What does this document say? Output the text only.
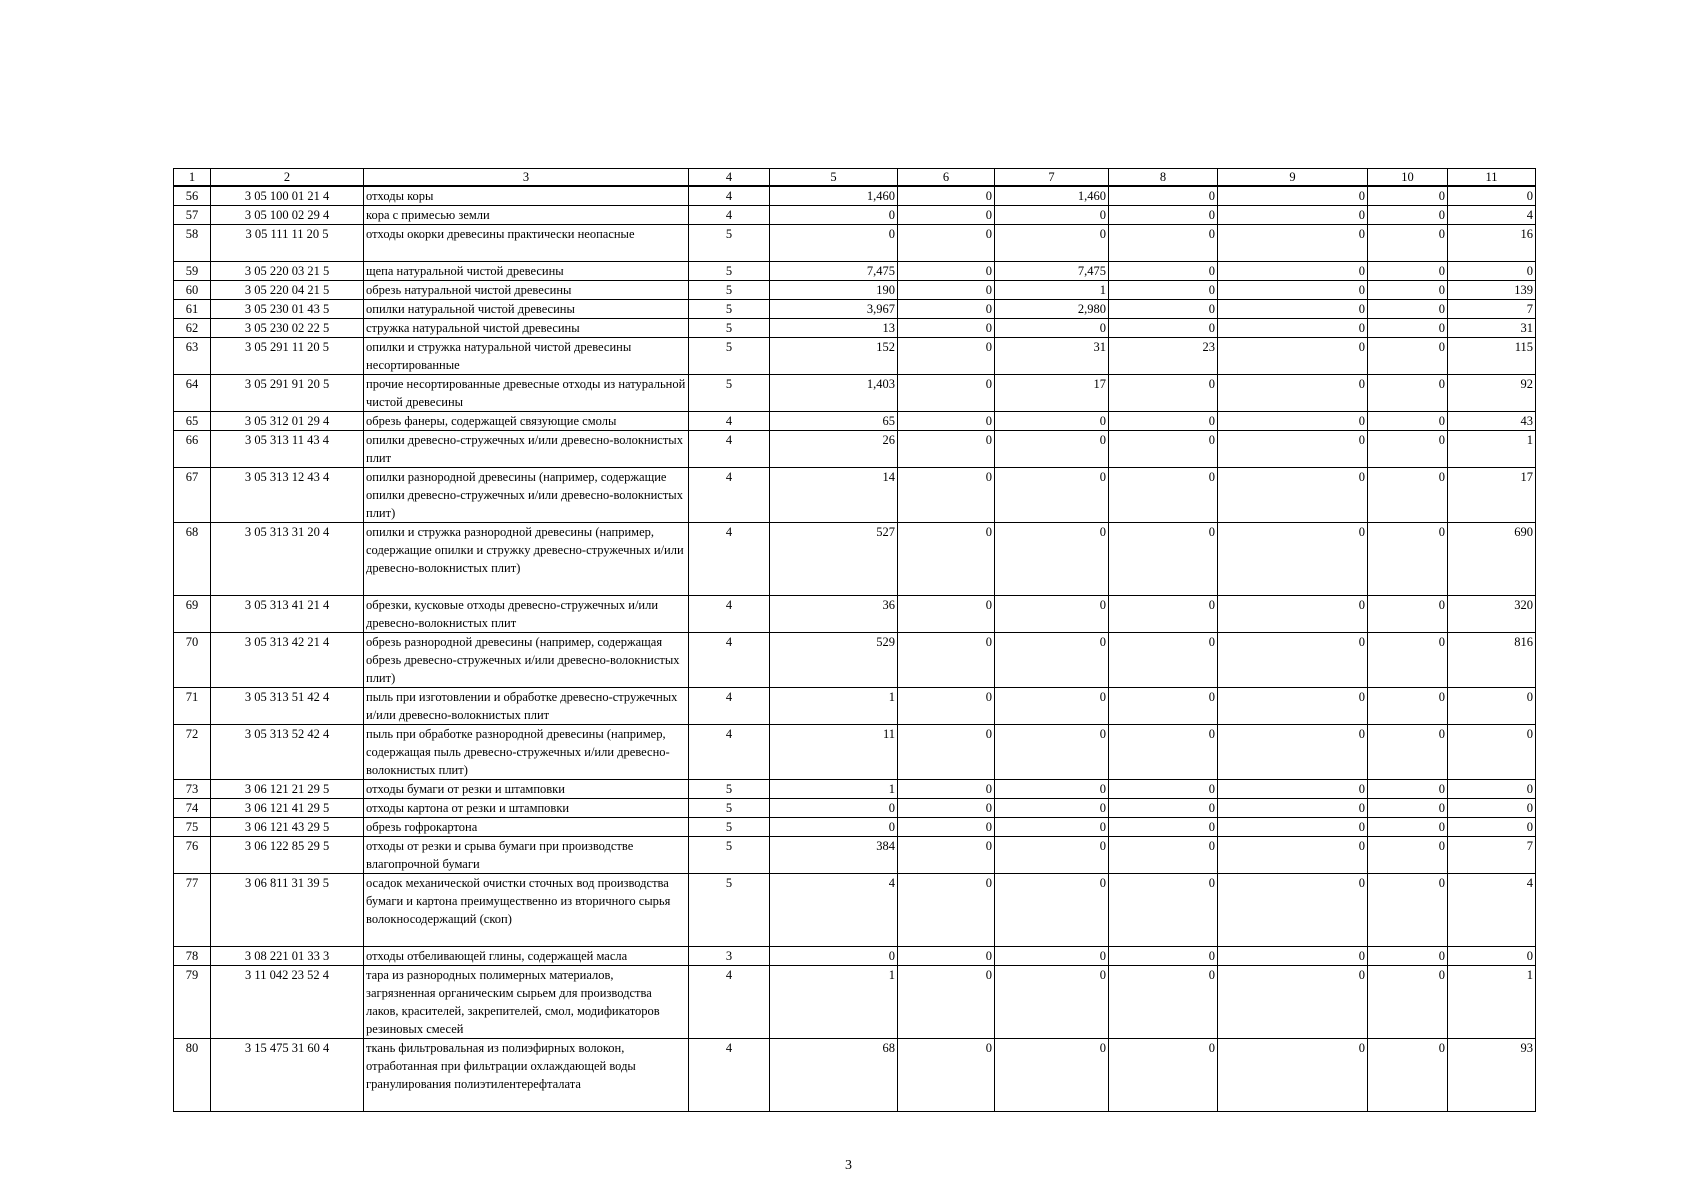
1	2	3	4	5	6	7	8	9	10	11
56	3 05 100 01 21 4	отходы коры	4	1,460	0	1,460	0	0	0	0
57	3 05 100 02 29 4	кора с примесью земли	4	0	0	0	0	0	0	4
58	3 05 111 11 20 5	отходы окорки древесины практически неопасные	5	0	0	0	0	0	0	16
59	3 05 220 03 21 5	щепа натуральной чистой древесины	5	7,475	0	7,475	0	0	0	0
60	3 05 220 04 21 5	обрезь натуральной чистой древесины	5	190	0	1	0	0	0	139
61	3 05 230 01 43 5	опилки натуральной чистой древесины	5	3,967	0	2,980	0	0	0	7
62	3 05 230 02 22 5	стружка натуральной чистой древесины	5	13	0	0	0	0	0	31
63	3 05 291 11 20 5	опилки и стружка натуральной чистой древесины несортированные	5	152	0	31	23	0	0	115
64	3 05 291 91 20 5	прочие несортированные древесные отходы из натуральной чистой древесины	5	1,403	0	17	0	0	0	92
65	3 05 312 01 29 4	обрезь фанеры, содержащей связующие смолы	4	65	0	0	0	0	0	43
66	3 05 313 11 43 4	опилки древесно-стружечных и/или древесно-волокнистых плит	4	26	0	0	0	0	0	1
67	3 05 313 12 43 4	опилки разнородной древесины (например, содержащие опилки древесно-стружечных и/или древесно-волокнистых плит)	4	14	0	0	0	0	0	17
68	3 05 313 31 20 4	опилки и стружка разнородной древесины (например, содержащие опилки и стружку древесно-стружечных и/или древесно-волокнистых плит)	4	527	0	0	0	0	0	690
69	3 05 313 41 21 4	обрезки, кусковые отходы древесно-стружечных и/или древесно-волокнистых плит	4	36	0	0	0	0	0	320
70	3 05 313 42 21 4	обрезь разнородной древесины (например, содержащая обрезь древесно-стружечных и/или древесно-волокнистых плит)	4	529	0	0	0	0	0	816
71	3 05 313 51 42 4	пыль при изготовлении и обработке древесно-стружечных и/или древесно-волокнистых плит	4	1	0	0	0	0	0	0
72	3 05 313 52 42 4	пыль при обработке разнородной древесины (например, содержащая пыль древесно-стружечных и/или древесно-волокнистых плит)	4	11	0	0	0	0	0	0
73	3 06 121 21 29 5	отходы бумаги от резки и штамповки	5	1	0	0	0	0	0	0
74	3 06 121 41 29 5	отходы картона от резки и штамповки	5	0	0	0	0	0	0	0
75	3 06 121 43 29 5	обрезь гофрокартона	5	0	0	0	0	0	0	0
76	3 06 122 85 29 5	отходы от резки и срыва бумаги при производстве влагопрочной бумаги	5	384	0	0	0	0	0	7
77	3 06 811 31 39 5	осадок механической очистки сточных вод производства бумаги и картона преимущественно из вторичного сырья волокносодержащий (скоп)	5	4	0	0	0	0	0	4
78	3 08 221 01 33 3	отходы отбеливающей глины, содержащей масла	3	0	0	0	0	0	0	0
79	3 11 042 23 52 4	тара из разнородных полимерных материалов, загрязненная органическим сырьем для производства лаков, красителей, закрепителей, смол, модификаторов резиновых смесей	4	1	0	0	0	0	0	1
80	3 15 475 31 60 4	ткань фильтровальная из полиэфирных волокон, отработанная при фильтрации охлаждающей воды гранулирования полиэтилентерефталата	4	68	0	0	0	0	0	93
3
